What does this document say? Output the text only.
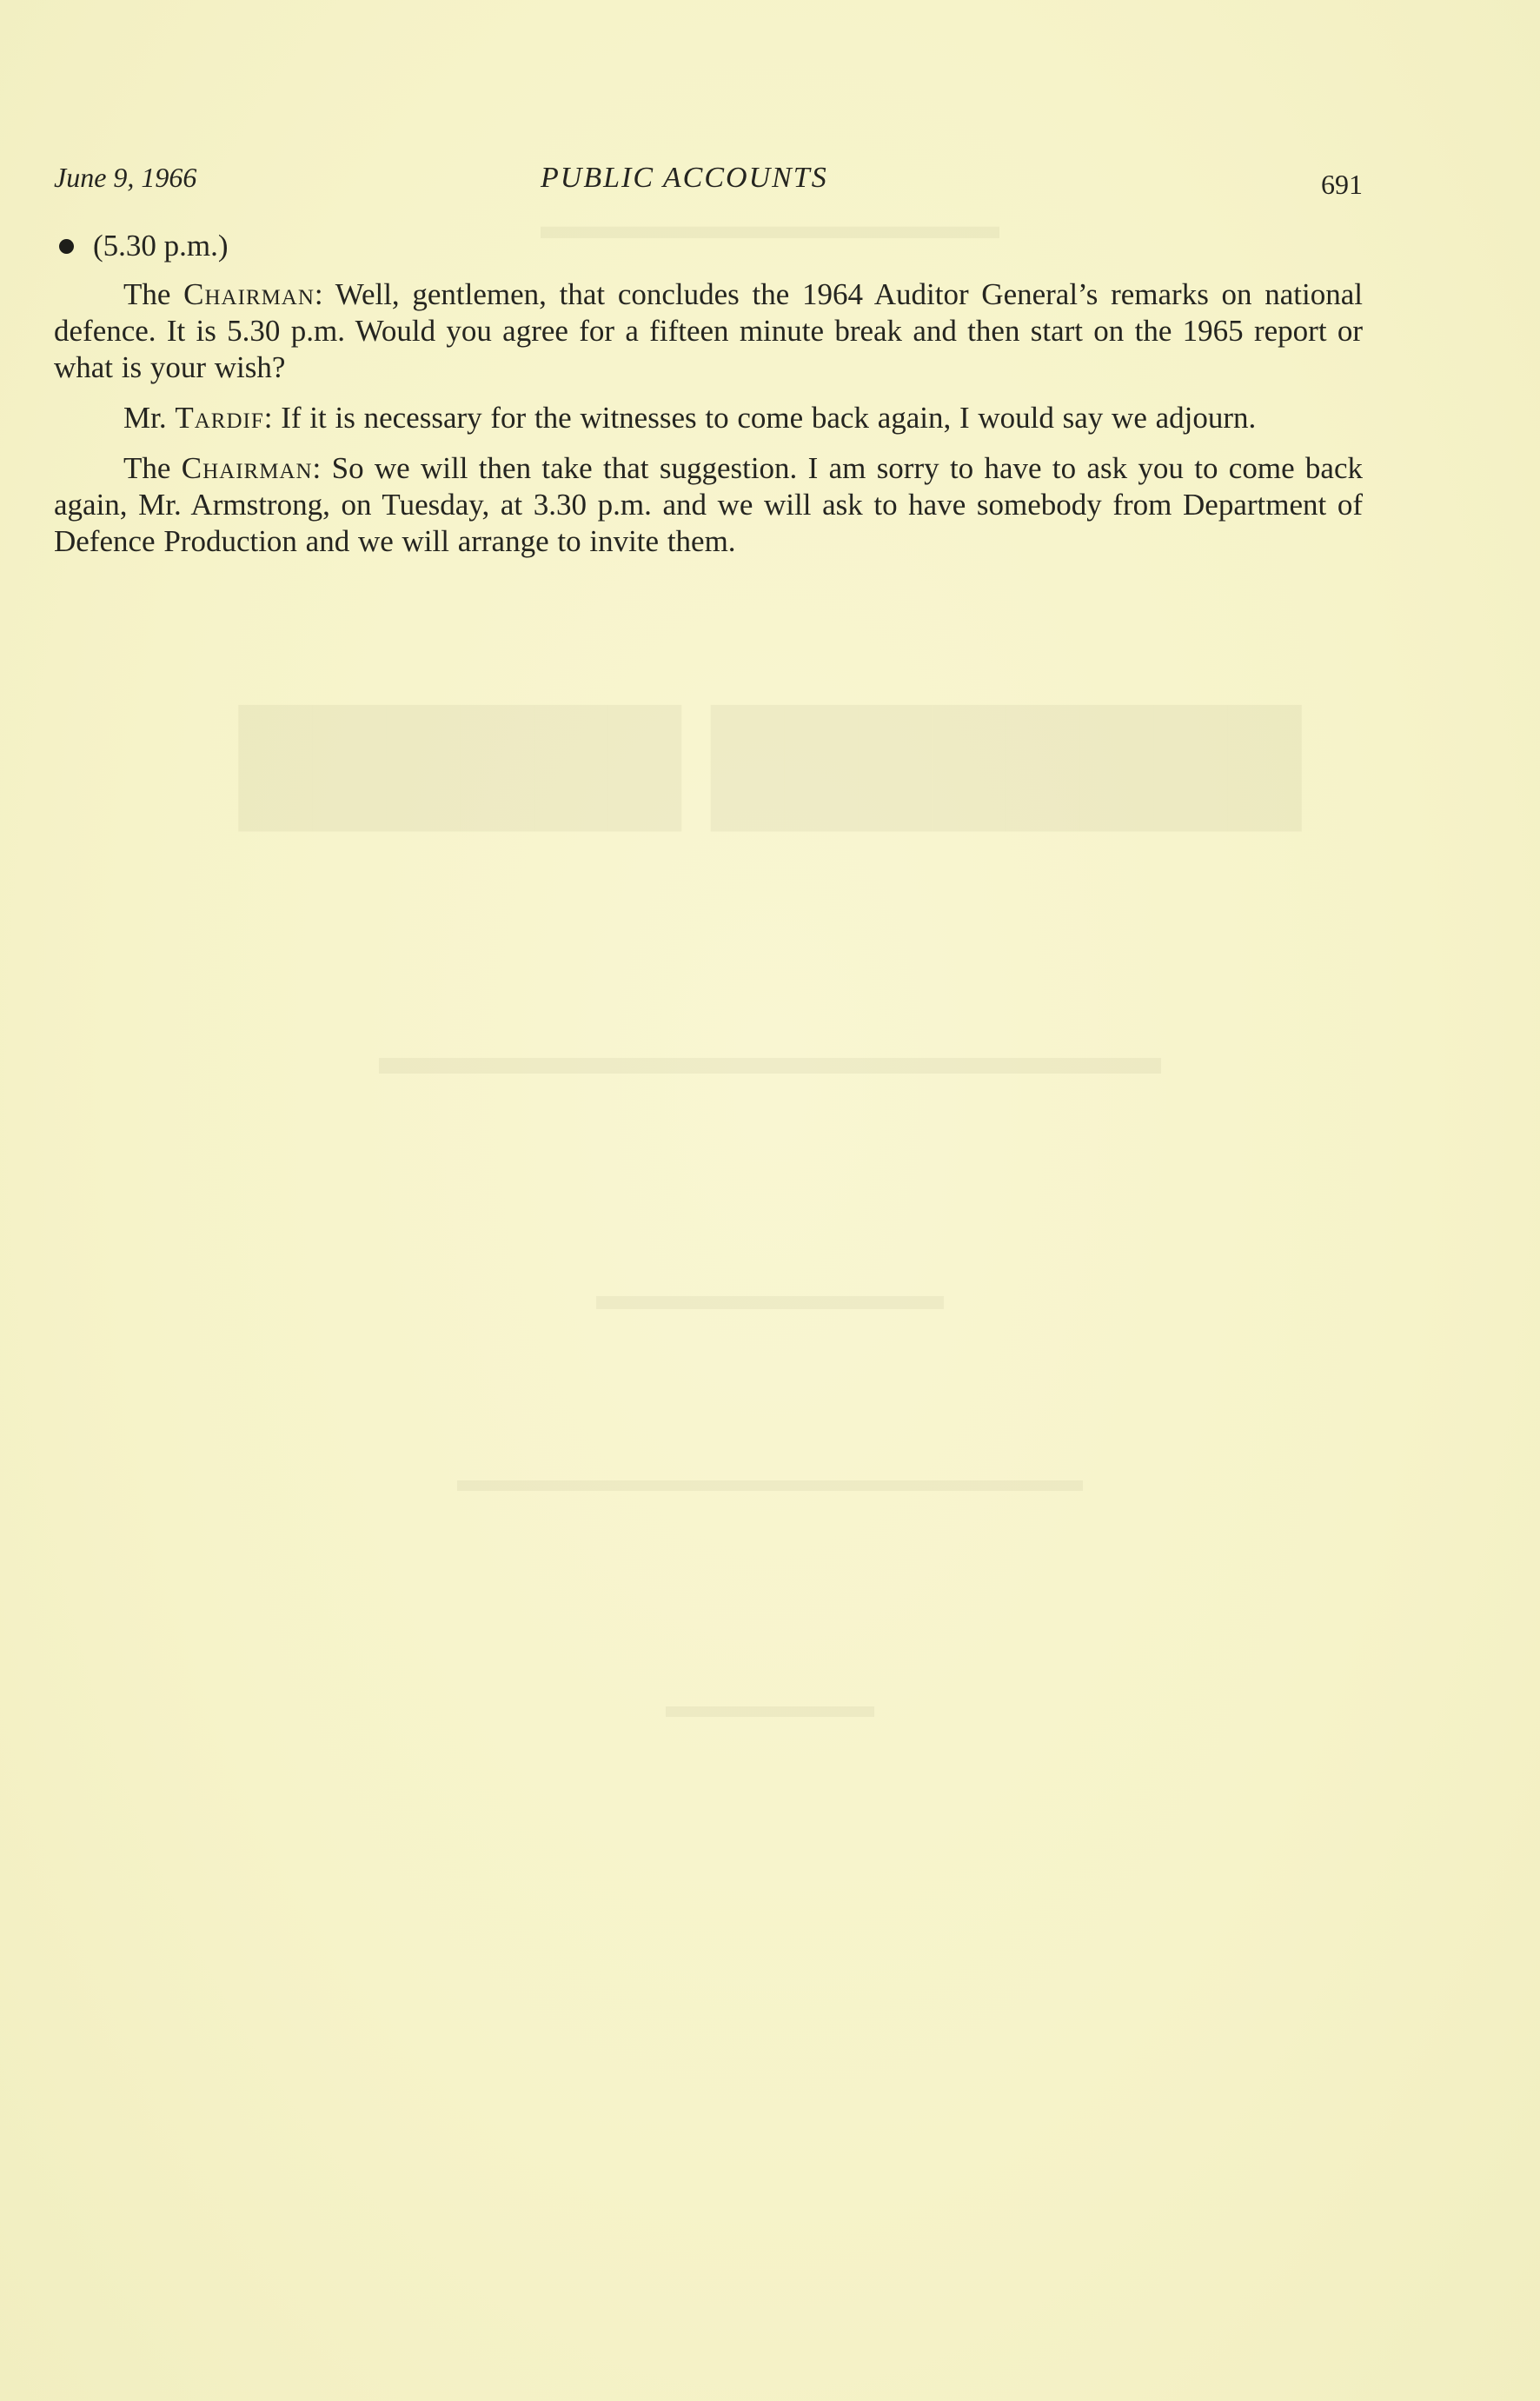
June 9, 1966	PUBLIC ACCOUNTS	691
(5.30 p.m.)

The Chairman: Well, gentlemen, that concludes the 1964 Auditor General’s remarks on national defence. It is 5.30 p.m. Would you agree for a fifteen minute break and then start on the 1965 report or what is your wish?

Mr. Tardif: If it is necessary for the witnesses to come back again, I would say we adjourn.

The Chairman: So we will then take that suggestion. I am sorry to have to ask you to come back again, Mr. Armstrong, on Tuesday, at 3.30 p.m. and we will ask to have somebody from Department of Defence Production and we will arrange to invite them.
